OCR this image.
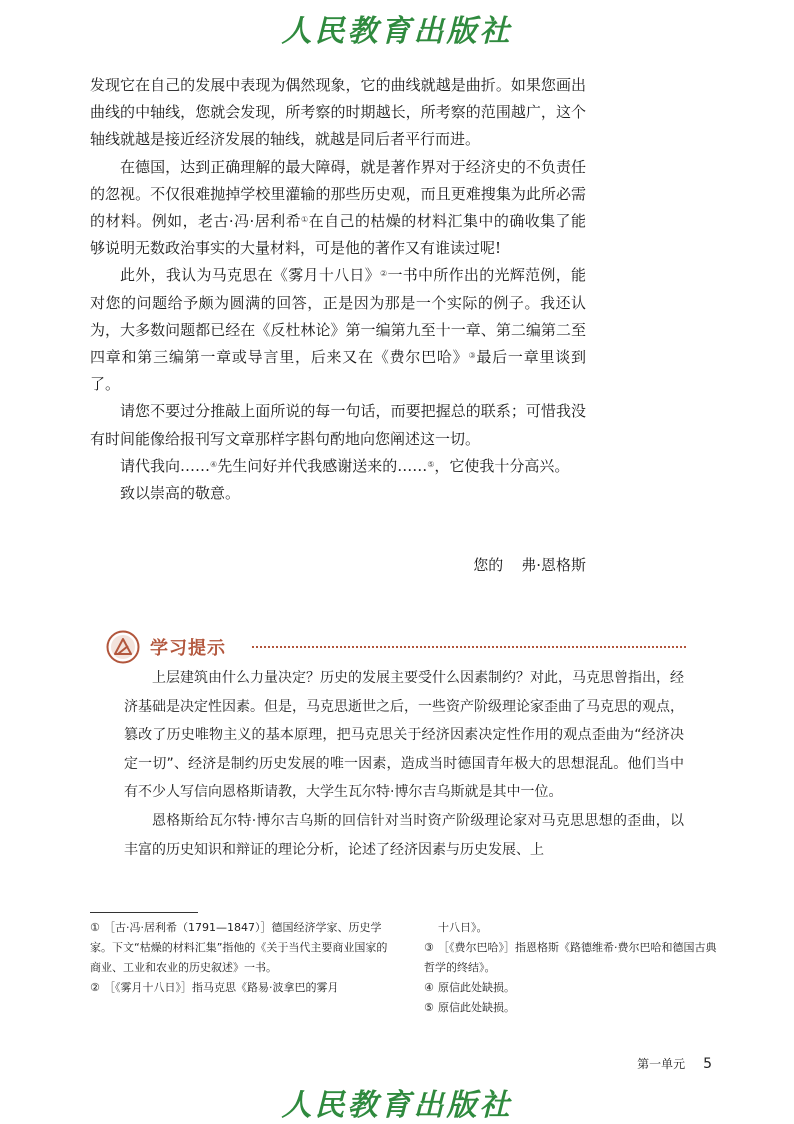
人民教育出版社

发现它在自己的发展中表现为偶然现象，它的曲线就越是曲折。如果您画出曲线的中轴线，您就会发现，所考察的时期越长，所考察的范围越广，这个轴线就越是接近经济发展的轴线，就越是同后者平行而进。

在德国，达到正确理解的最大障碍，就是著作界对于经济史的不负责任的忽视。不仅很难抛掉学校里灌输的那些历史观，而且更难搜集为此所必需的材料。例如，老古·冯·居利希①在自己的枯燥的材料汇集中的确收集了能够说明无数政治事实的大量材料，可是他的著作又有谁读过呢!

此外，我认为马克思在《雾月十八日》②一书中所作出的光辉范例，能对您的问题给予颇为圆满的回答，正是因为那是一个实际的例子。我还认为，大多数问题都已经在《反杜林论》第一编第九至十一章、第二编第二至四章和第三编第一章或导言里，后来又在《费尔巴哈》③最后一章里谈到了。

请您不要过分推敲上面所说的每一句话，而要把握总的联系；可惜我没有时间能像给报刊写文章那样字斟句酌地向您阐述这一切。

请代我向……④先生问好并代我感谢送来的……⑤，它使我十分高兴。

致以崇高的敬意。

您的 弗·恩格斯
学习提示

上层建筑由什么力量决定？历史的发展主要受什么因素制约？对此，马克思曾指出，经济基础是决定性因素。但是，马克思逝世之后，一些资产阶级理论家歪曲了马克思的观点，篡改了历史唯物主义的基本原理，把马克思关于经济因素决定性作用的观点歪曲为“经济决定一切”、经济是制约历史发展的唯一因素，造成当时德国青年极大的思想混乱。他们当中有不少人写信向恩格斯请教，大学生瓦尔特·博尔吉乌斯就是其中一位。

恩格斯给瓦尔特·博尔吉乌斯的回信针对当时资产阶级理论家对马克思思想的歪曲，以丰富的历史知识和辩证的理论分析，论述了经济因素与历史发展、上

① ［古·冯·居利希（1791—1847）］德国经济学家、历史学家。下文“枯燥的材料汇集”指他的《关于当代主要商业国家的商业、工业和农业的历史叙述》一书。

② ［《雾月十八日》］指马克思《路易·波拿巴的雾月

十八日》。

③ ［《费尔巴哈》］指恩格斯《路德维希·费尔巴哈和德国古典哲学的终结》。

④ 原信此处缺损。

⑤ 原信此处缺损。

第一单元 5
人民教育出版社
